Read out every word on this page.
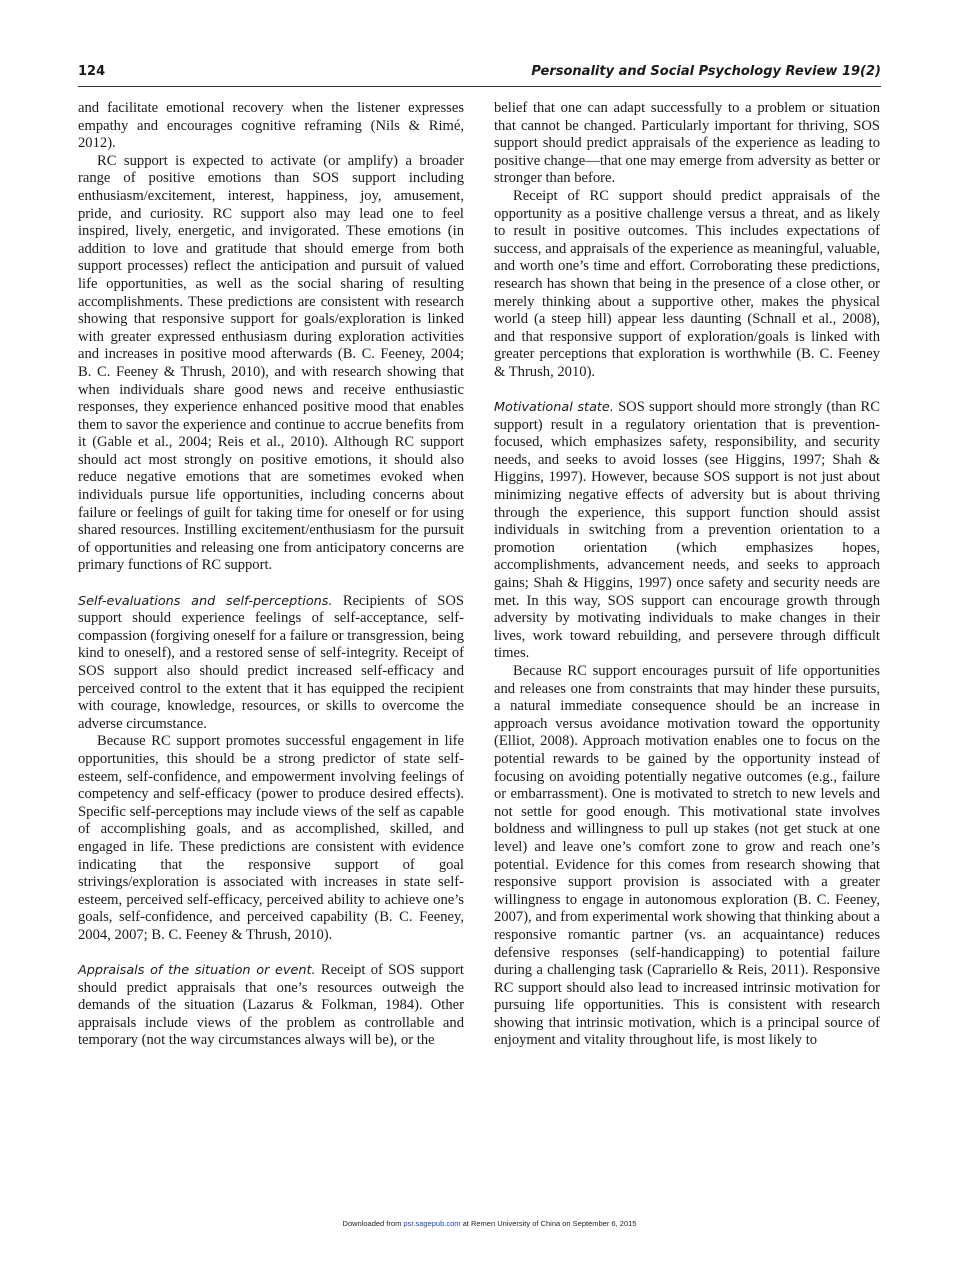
124	Personality and Social Psychology Review 19(2)

and facilitate emotional recovery when the listener expresses empathy and encourages cognitive reframing (Nils & Rimé, 2012).

RC support is expected to activate (or amplify) a broader range of positive emotions than SOS support including enthusiasm/excitement, interest, happiness, joy, amusement, pride, and curiosity. RC support also may lead one to feel inspired, lively, energetic, and invigorated. These emotions (in addition to love and gratitude that should emerge from both support processes) reflect the anticipation and pursuit of valued life opportunities, as well as the social sharing of resulting accomplishments. These predictions are consistent with research showing that responsive support for goals/exploration is linked with greater expressed enthusiasm during exploration activities and increases in positive mood afterwards (B. C. Feeney, 2004; B. C. Feeney & Thrush, 2010), and with research showing that when individuals share good news and receive enthusiastic responses, they experience enhanced positive mood that enables them to savor the experience and continue to accrue benefits from it (Gable et al., 2004; Reis et al., 2010). Although RC support should act most strongly on positive emotions, it should also reduce negative emotions that are sometimes evoked when individuals pursue life opportunities, including concerns about failure or feelings of guilt for taking time for oneself or for using shared resources. Instilling excitement/enthusiasm for the pursuit of opportunities and releasing one from anticipatory concerns are primary functions of RC support.

Self-evaluations and self-perceptions. Recipients of SOS support should experience feelings of self-acceptance, self-compassion (forgiving oneself for a failure or transgression, being kind to oneself), and a restored sense of self-integrity. Receipt of SOS support also should predict increased self-efficacy and perceived control to the extent that it has equipped the recipient with courage, knowledge, resources, or skills to overcome the adverse circumstance.

Because RC support promotes successful engagement in life opportunities, this should be a strong predictor of state self-esteem, self-confidence, and empowerment involving feelings of competency and self-efficacy (power to produce desired effects). Specific self-perceptions may include views of the self as capable of accomplishing goals, and as accomplished, skilled, and engaged in life. These predictions are consistent with evidence indicating that the responsive support of goal strivings/exploration is associated with increases in state self-esteem, perceived self-efficacy, perceived ability to achieve one’s goals, self-confidence, and perceived capability (B. C. Feeney, 2004, 2007; B. C. Feeney & Thrush, 2010).

Appraisals of the situation or event. Receipt of SOS support should predict appraisals that one’s resources outweigh the demands of the situation (Lazarus & Folkman, 1984). Other appraisals include views of the problem as controllable and temporary (not the way circumstances always will be), or the

belief that one can adapt successfully to a problem or situation that cannot be changed. Particularly important for thriving, SOS support should predict appraisals of the experience as leading to positive change—that one may emerge from adversity as better or stronger than before.

Receipt of RC support should predict appraisals of the opportunity as a positive challenge versus a threat, and as likely to result in positive outcomes. This includes expectations of success, and appraisals of the experience as meaningful, valuable, and worth one’s time and effort. Corroborating these predictions, research has shown that being in the presence of a close other, or merely thinking about a supportive other, makes the physical world (a steep hill) appear less daunting (Schnall et al., 2008), and that responsive support of exploration/goals is linked with greater perceptions that exploration is worthwhile (B. C. Feeney & Thrush, 2010).

Motivational state. SOS support should more strongly (than RC support) result in a regulatory orientation that is prevention-focused, which emphasizes safety, responsibility, and security needs, and seeks to avoid losses (see Higgins, 1997; Shah & Higgins, 1997). However, because SOS support is not just about minimizing negative effects of adversity but is about thriving through the experience, this support function should assist individuals in switching from a prevention orientation to a promotion orientation (which emphasizes hopes, accomplishments, advancement needs, and seeks to approach gains; Shah & Higgins, 1997) once safety and security needs are met. In this way, SOS support can encourage growth through adversity by motivating individuals to make changes in their lives, work toward rebuilding, and persevere through difficult times.

Because RC support encourages pursuit of life opportunities and releases one from constraints that may hinder these pursuits, a natural immediate consequence should be an increase in approach versus avoidance motivation toward the opportunity (Elliot, 2008). Approach motivation enables one to focus on the potential rewards to be gained by the opportunity instead of focusing on avoiding potentially negative outcomes (e.g., failure or embarrassment). One is motivated to stretch to new levels and not settle for good enough. This motivational state involves boldness and willingness to pull up stakes (not get stuck at one level) and leave one’s comfort zone to grow and reach one’s potential. Evidence for this comes from research showing that responsive support provision is associated with a greater willingness to engage in autonomous exploration (B. C. Feeney, 2007), and from experimental work showing that thinking about a responsive romantic partner (vs. an acquaintance) reduces defensive responses (self-handicapping) to potential failure during a challenging task (Caprariello & Reis, 2011). Responsive RC support should also lead to increased intrinsic motivation for pursuing life opportunities. This is consistent with research showing that intrinsic motivation, which is a principal source of enjoyment and vitality throughout life, is most likely to

Downloaded from psr.sagepub.com at Remen University of China on September 6, 2015
